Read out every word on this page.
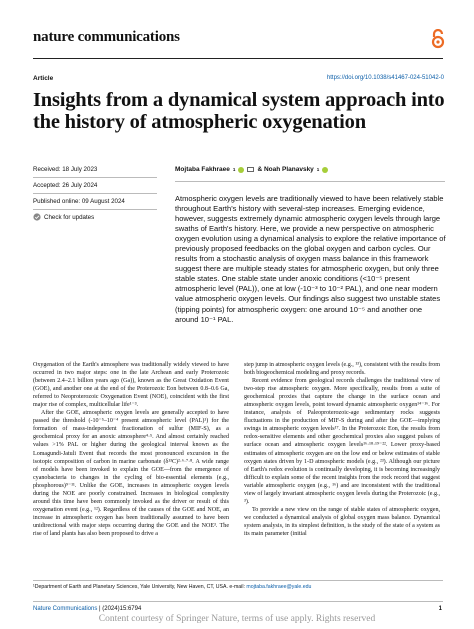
nature communications
Article	https://doi.org/10.1038/s41467-024-51042-0
Insights from a dynamical system approach into the history of atmospheric oxygenation
Received: 18 July 2023
Accepted: 26 July 2024
Published online: 09 August 2024
Check for updates
Mojtaba Fakhraee 1	& Noah Planavsky 1

Atmospheric oxygen levels are traditionally viewed to have been relatively stable throughout Earth's history with several-step increases. Emerging evidence, however, suggests extremely dynamic atmospheric oxygen levels through large swaths of Earth's history. Here, we provide a new perspective on atmospheric oxygen evolution using a dynamical analysis to explore the relative importance of previously proposed feedbacks on the global oxygen and carbon cycles. Our results from a stochastic analysis of oxygen mass balance in this framework suggest there are multiple steady states for atmospheric oxygen, but only three stable states. One stable state under anoxic conditions (<10⁻⁵ present atmospheric level (PAL)), one at low (-10⁻³ to 10⁻² PAL), and one near modern value atmospheric oxygen levels. Our findings also suggest two unstable states (tipping points) for atmospheric oxygen: one around 10⁻⁵ and another one around 10⁻¹ PAL.

Oxygenation of the Earth's atmosphere was traditionally widely viewed to have occurred in two major steps: one in the late Archean and early Proterozoic (between 2.4–2.1 billion years ago (Ga)), known as the Great Oxidation Event (GOE), and another one at the end of the Proterozoic Eon between 0.8–0.6 Ga, referred to Neoproterozoic Oxygenation Event (NOE), coincident with the first major rise of complex, multicellular life¹⁻³.

After the GOE, atmospheric oxygen levels are generally accepted to have passed the threshold (-10⁻⁵–10⁻⁴ present atmospheric level (PAL)¹) for the formation of mass-independent fractionation of sulfur (MIF-S), as a geochemical proxy for an anoxic atmosphere⁴·⁵. And almost certainly reached values >1% PAL or higher during the geological interval known as the Lomagundi-Jatuli Event that records the most pronounced excursion in the isotopic composition of carbon in marine carbonate (δ¹³C)²·⁶·⁷·⁸. A wide range of models have been invoked to explain the GOE—from the emergence of cyanobacteria to changes in the cycling of bio-essential elements (e.g., phosphorous)⁹⁻¹¹. Unlike the GOE, increases in atmospheric oxygen levels during the NOE are poorly constrained. Increases in biological complexity around this time have been commonly invoked as the driver or result of this oxygenation event (e.g., ¹²). Regardless of the causes of the GOE and NOE, an increase in atmospheric oxygen has been traditionally assumed to have been unidirectional with major steps occurring during the GOE and the NOE³. The rise of land plants has also been proposed to drive a

step jump in atmospheric oxygen levels (e.g., ¹³), consistent with the results from both biogeochemical modeling and proxy records.

Recent evidence from geological records challenges the traditional view of two-step rise atmospheric oxygen. More specifically, results from a suite of geochemical proxies that capture the change in the surface ocean and atmospheric oxygen levels, point toward dynamic atmospheric oxygen¹⁴⁻¹⁶. For instance, analysis of Paleoproterozoic-age sedimentary rocks suggests fluctuations in the production of MIF-S during and after the GOE—implying swings in atmospheric oxygen levels¹⁷. In the Proterozoic Eon, the results from redox-sensitive elements and other geochemical proxies also suggest pulses of surface ocean and atmospheric oxygen levels¹⁶·¹⁸·¹⁹⁻²². Lower proxy-based estimates of atmospheric oxygen are on the low end or below estimates of stable oxygen states driven by 1-D atmospheric models (e.g., ²³). Although our picture of Earth's redox evolution is continually developing, it is becoming increasingly difficult to explain some of the recent insights from the rock record that suggest variable atmospheric oxygen (e.g., ¹⁶) and are inconsistent with the traditional view of largely invariant atmospheric oxygen levels during the Proterozoic (e.g., ³).

To provide a new view on the range of stable states of atmospheric oxygen, we conducted a dynamical analysis of global oxygen mass balance. Dynamical system analysis, in its simplest definition, is the study of the state of a system as its main parameter (initial

¹Department of Earth and Planetary Sciences, Yale University, New Haven, CT, USA. e-mail: mojtaba.fakhraee@yale.edu
Nature Communications | (2024)15:6794	1
Content courtesy of Springer Nature, terms of use apply. Rights reserved
